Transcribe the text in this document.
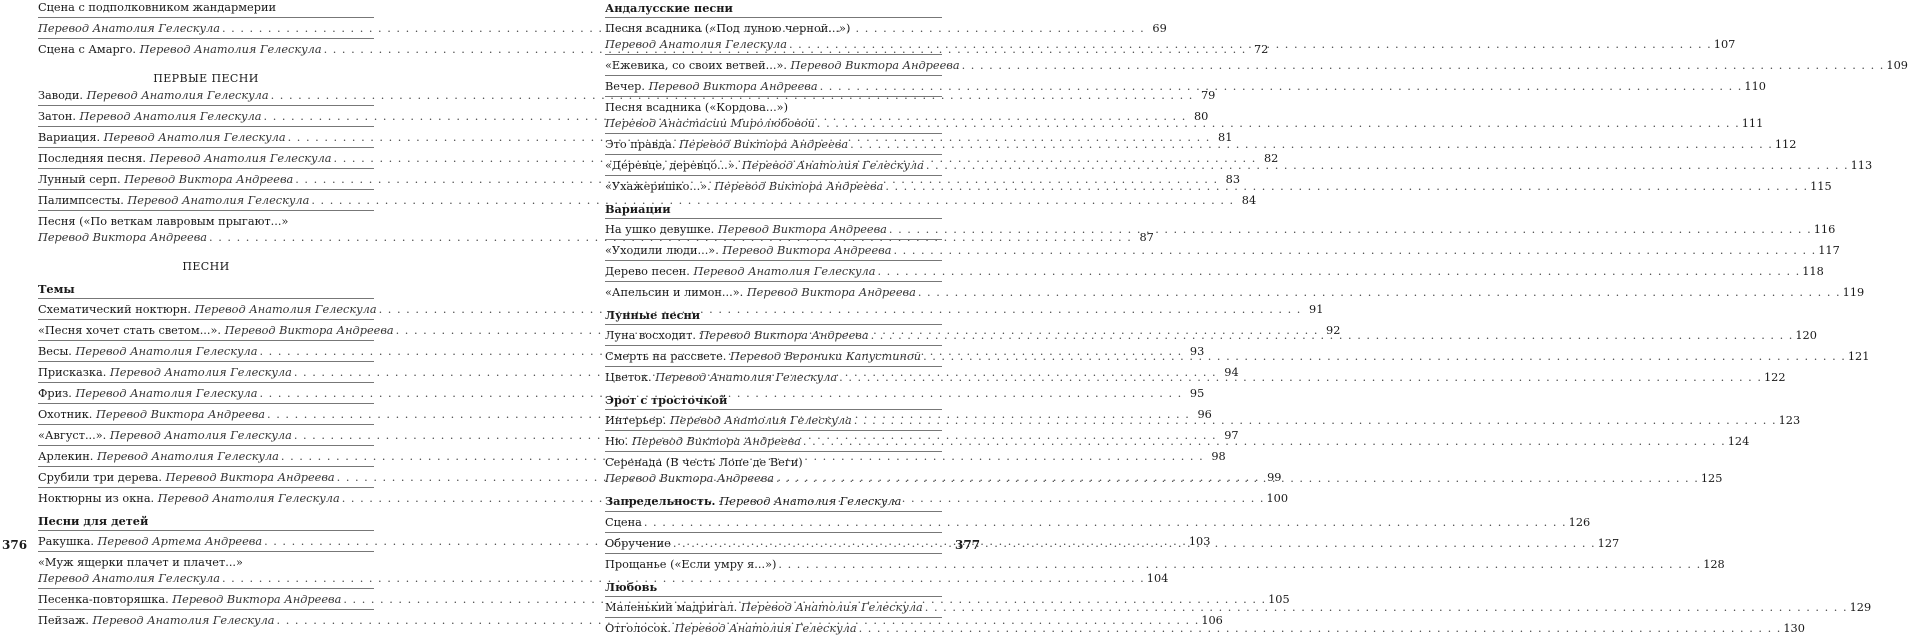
Сцена с подполковником жандармерии
Перевод Анатолия Гелескула . . .	69
Сцена с Амарго. Перевод Анатолия Гелескула . . .	72
ПЕРВЫЕ ПЕСНИ
Заводи. Перевод Анатолия Гелескула . . .	79
Затон. Перевод Анатолия Гелескула . . .	80
Вариация. Перевод Анатолия Гелескула . . .	81
Последняя песня. Перевод Анатолия Гелескула . . .	82
Лунный серп. Перевод Виктора Андреева . . .	83
Палимпсесты. Перевод Анатолия Гелескула . . .	84
Песня («По веткам лавровым прыгают...»
Перевод Виктора Андреева . . .	87
ПЕСНИ
Темы
Схематический ноктюрн. Перевод Анатолия Гелескула . . .	91
«Песня хочет стать светом...». Перевод Виктора Андреева . . .	92
Весы. Перевод Анатолия Гелескула . . .	93
Присказка. Перевод Анатолия Гелескула . . .	94
Фриз. Перевод Анатолия Гелескула . . .	95
Охотник. Перевод Виктора Андреева . . .	96
«Август...». Перевод Анатолия Гелескула . . .	97
Арлекин. Перевод Анатолия Гелескула . . .	98
Срубили три дерева. Перевод Виктора Андреева . . .	99
Ноктюрны из окна. Перевод Анатолия Гелескула . . .	100
Песни для детей
Ракушка. Перевод Артема Андреева . . .	103
«Муж ящерки плачет и плачет...»
Перевод Анатолия Гелескула . . .	104
Песенка-повторяшка. Перевод Виктора Андреева . . .	105
Пейзаж. Перевод Анатолия Гелескула . . .	106
Андалусские песни
Песня всадника («Под луною черной...»)
Перевод Анатолия Гелескула . . .	107
«Ежевика, со своих ветвей...». Перевод Виктора Андреева . . .	109
Вечер. Перевод Виктора Андреева . . .	110
Песня всадника («Кордова...»)
Перевод Анастасии Миролюбовой . . .	111
Это правда. Перевод Виктора Андреева . . .	112
«Дéревце, деревцó...». Перевод Анатолия Гелескула . . .	113
«Ухажеришко...». Перевод Виктора Андреева . . .	115
Вариации
На ушко девушке. Перевод Виктора Андреева . . .	116
«Уходили люди...». Перевод Виктора Андреева . . .	117
Дерево песен. Перевод Анатолия Гелескула . . .	118
«Апельсин и лимон...». Перевод Виктора Андреева . . .	119
Лунные песни
Луна восходит. Перевод Виктора Андреева . . .	120
Смерть на рассвете. Перевод Вероники Капустиной . . .	121
Цветок. Перевод Анатолия Гелескула . . .	122
Эрот с тросточкой
Интерьер. Перевод Анатолия Гелескула . . .	123
Ню. Перевод Виктора Андреева . . .	124
Серенада (В честь Лопе де Веги)
Перевод Виктора Андреева . . .	125
Запредельность. Перевод Анатолия Гелескула
Сцена . . .	126
Обручение . . .	127
Прощанье («Если умру я...») . . .	128
Любовь
Маленький мадригал. Перевод Анатолия Гелескула . . .	129
Отголосок. Перевод Анатолия Гелескула . . .	130
376	377
